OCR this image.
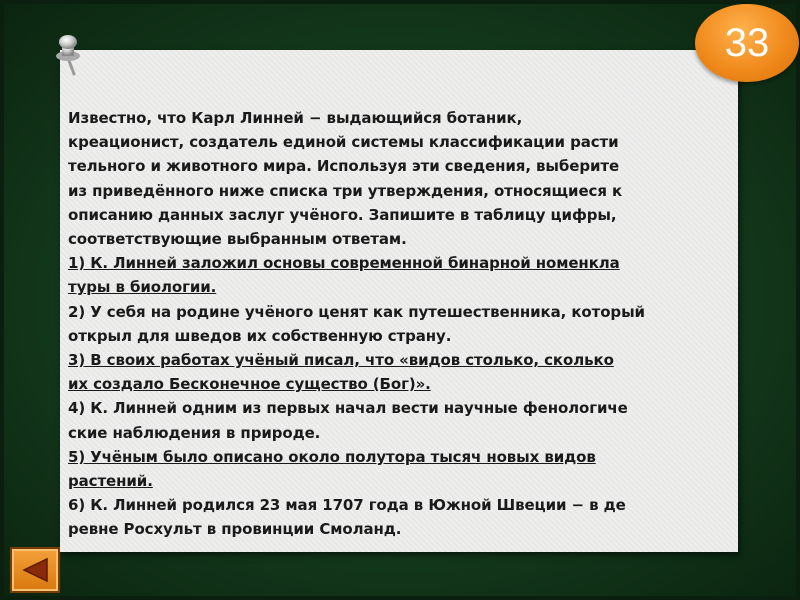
33

Известно, что Карл Линней − выдающийся ботаник,

креационист, создатель единой системы классификации расти

тельного и животного мира. Используя эти сведения, выберите

из приведённого ниже списка три утверждения, относящиеся к

описанию данных заслуг учёного. Запишите в таблицу цифры,

соответствующие выбранным ответам.

1) К. Линней заложил основы современной бинарной номенкла

туры в биологии.

2) У себя на родине учёного ценят как путешественника, который

открыл для шведов их собственную страну.

3) В своих работах учёный писал, что «видов столько, сколько

их создало Бесконечное существо (Бог)».

4) К. Линней одним из первых начал вести научные фенологиче

ские наблюдения в природе.

5) Учёным было описано около полутора тысяч новых видов

растений.

6) К. Линней родился 23 мая 1707 года в Южной Швеции − в де

ревне Росхульт в провинции Смоланд.
